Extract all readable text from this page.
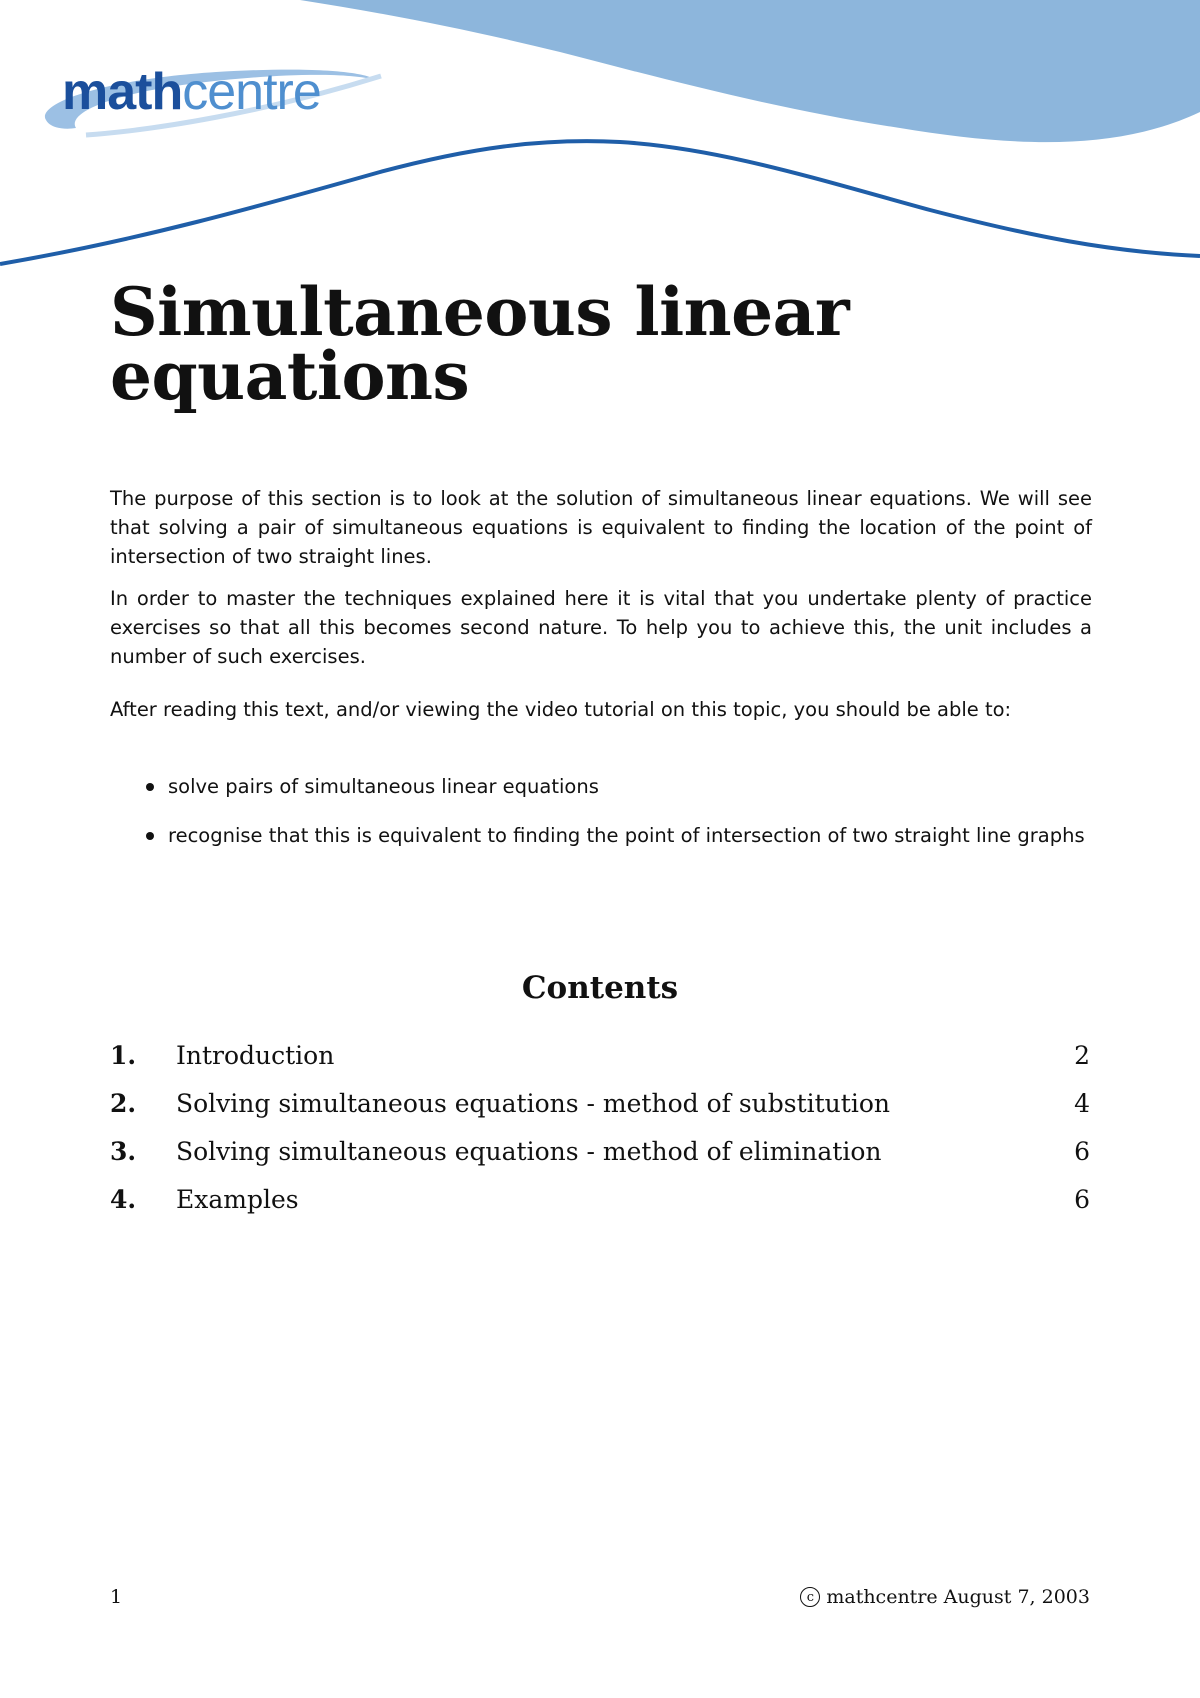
mathcentre
Simultaneous linear equations

The purpose of this section is to look at the solution of simultaneous linear equations. We will see that solving a pair of simultaneous equations is equivalent to finding the location of the point of intersection of two straight lines.

In order to master the techniques explained here it is vital that you undertake plenty of practice exercises so that all this becomes second nature. To help you to achieve this, the unit includes a number of such exercises.

After reading this text, and/or viewing the video tutorial on this topic, you should be able to:

solve pairs of simultaneous linear equations
recognise that this is equivalent to finding the point of intersection of two straight line graphs
Contents
1. Introduction	2
2. Solving simultaneous equations - method of substitution	4
3. Solving simultaneous equations - method of elimination	6
4. Examples	6
1	c mathcentre August 7, 2003
